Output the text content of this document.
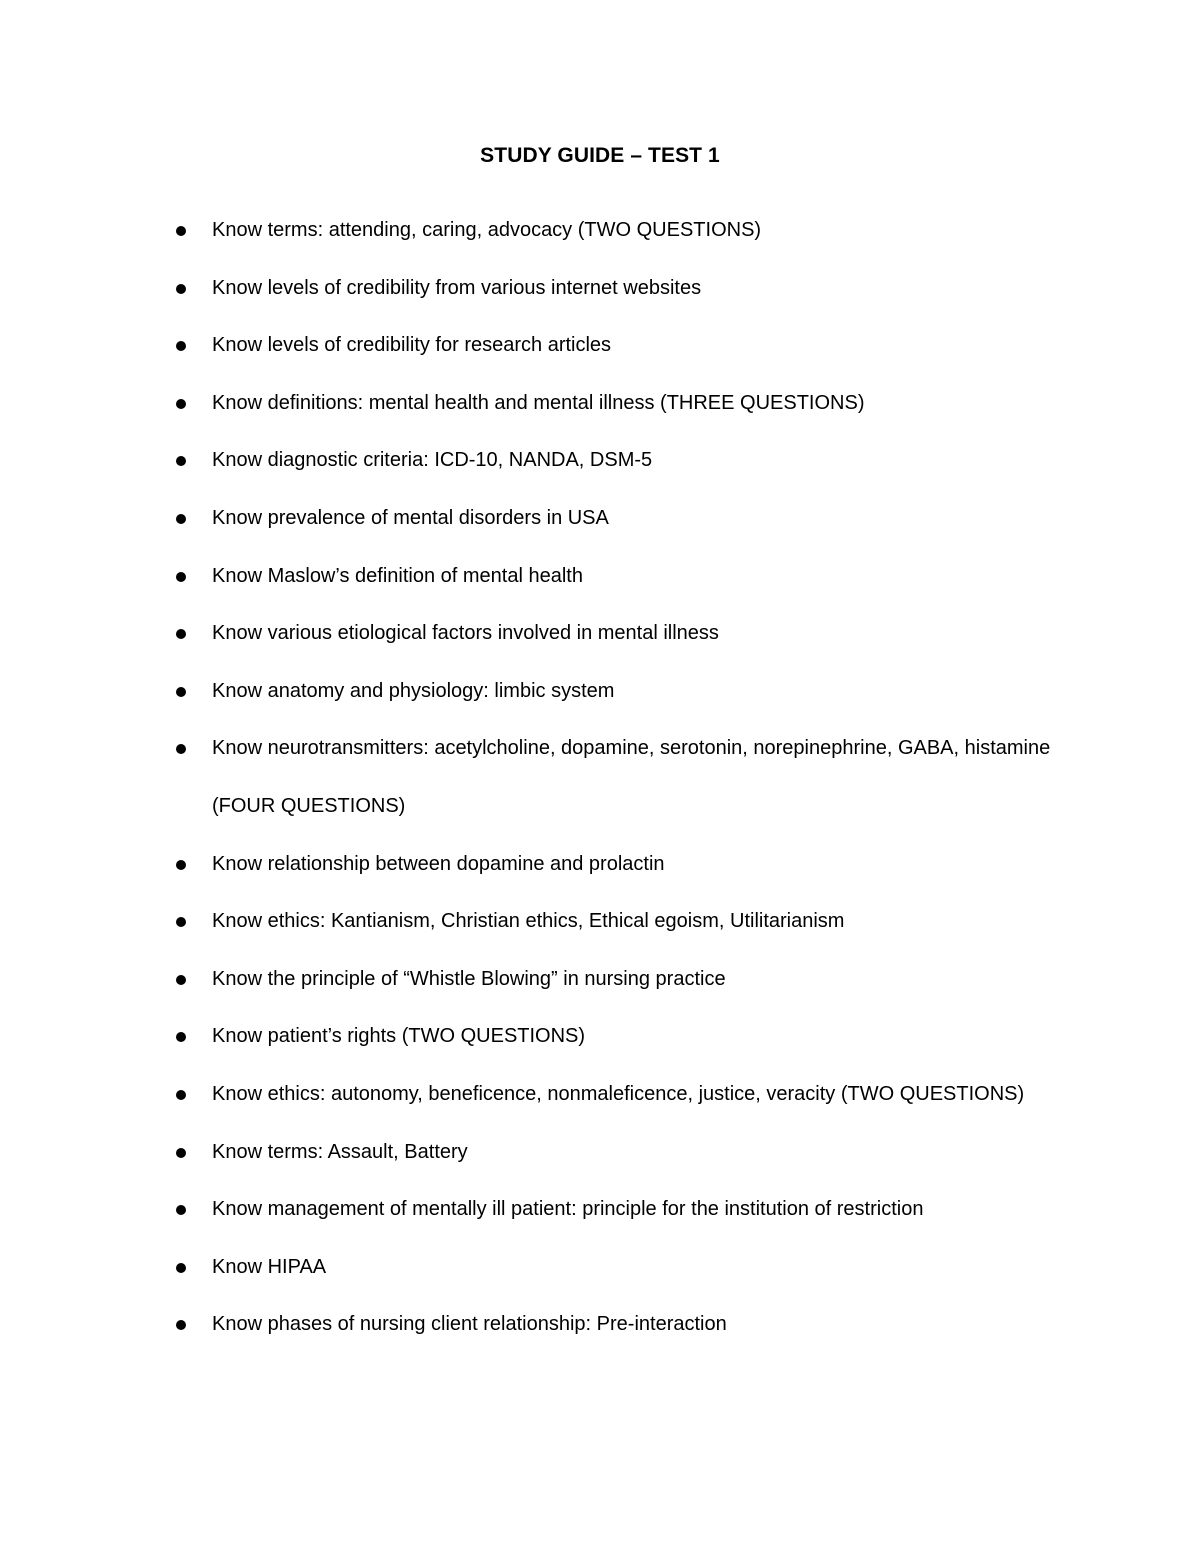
STUDY GUIDE – TEST 1
Know terms: attending, caring, advocacy (TWO QUESTIONS)
Know levels of credibility from various internet websites
Know levels of credibility for research articles
Know definitions: mental health and mental illness (THREE QUESTIONS)
Know diagnostic criteria: ICD-10, NANDA, DSM-5
Know prevalence of mental disorders in USA
Know Maslow’s definition of mental health
Know various etiological factors involved in mental illness
Know anatomy and physiology: limbic system
Know neurotransmitters: acetylcholine, dopamine, serotonin, norepinephrine, GABA, histamine (FOUR QUESTIONS)
Know relationship between dopamine and prolactin
Know ethics: Kantianism, Christian ethics, Ethical egoism, Utilitarianism
Know the principle of “Whistle Blowing” in nursing practice
Know patient’s rights (TWO QUESTIONS)
Know ethics: autonomy, beneficence, nonmaleficence, justice, veracity (TWO QUESTIONS)
Know terms: Assault, Battery
Know management of mentally ill patient: principle for the institution of restriction
Know HIPAA
Know phases of nursing client relationship: Pre-interaction
